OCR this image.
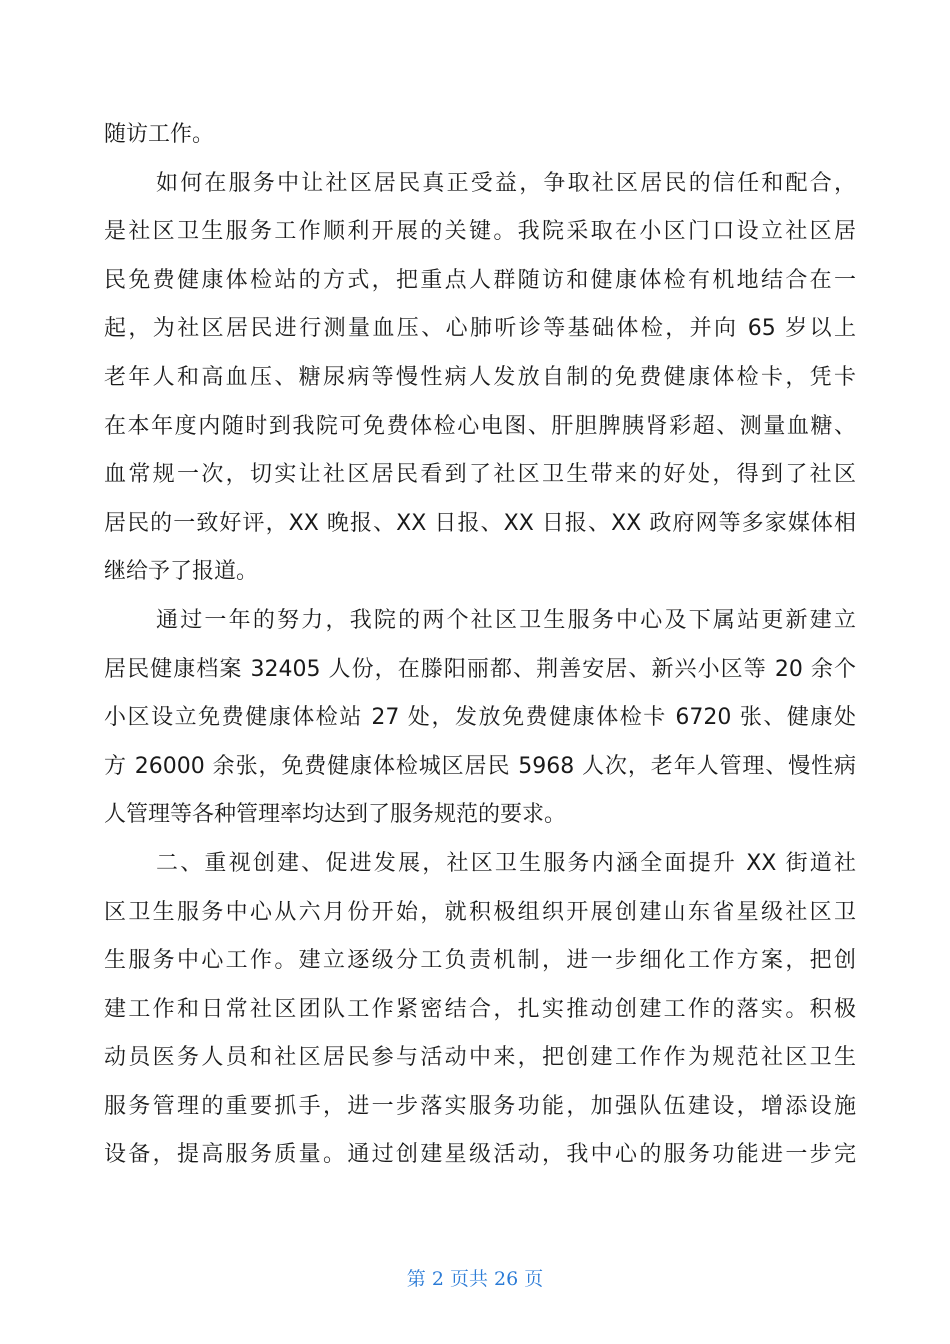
随访工作。
如何在服务中让社区居民真正受益，争取社区居民的信任和配合，
是社区卫生服务工作顺利开展的关键。我院采取在小区门口设立社区居
民免费健康体检站的方式，把重点人群随访和健康体检有机地结合在一
起，为社区居民进行测量血压、心肺听诊等基础体检，并向 65 岁以上
老年人和高血压、糖尿病等慢性病人发放自制的免费健康体检卡，凭卡
在本年度内随时到我院可免费体检心电图、肝胆脾胰肾彩超、测量血糖、
血常规一次，切实让社区居民看到了社区卫生带来的好处，得到了社区
居民的一致好评，XX 晚报、XX 日报、XX 日报、XX 政府网等多家媒体相
继给予了报道。
通过一年的努力，我院的两个社区卫生服务中心及下属站更新建立
居民健康档案 32405 人份，在滕阳丽都、荆善安居、新兴小区等 20 余个
小区设立免费健康体检站 27 处，发放免费健康体检卡 6720 张、健康处
方 26000 余张，免费健康体检城区居民 5968 人次，老年人管理、慢性病
人管理等各种管理率均达到了服务规范的要求。
二、重视创建、促进发展，社区卫生服务内涵全面提升 XX 街道社
区卫生服务中心从六月份开始，就积极组织开展创建山东省星级社区卫
生服务中心工作。建立逐级分工负责机制，进一步细化工作方案，把创
建工作和日常社区团队工作紧密结合，扎实推动创建工作的落实。积极
动员医务人员和社区居民参与活动中来，把创建工作作为规范社区卫生
服务管理的重要抓手，进一步落实服务功能，加强队伍建设，增添设施
设备，提高服务质量。通过创建星级活动，我中心的服务功能进一步完
第 2 页共 26 页
